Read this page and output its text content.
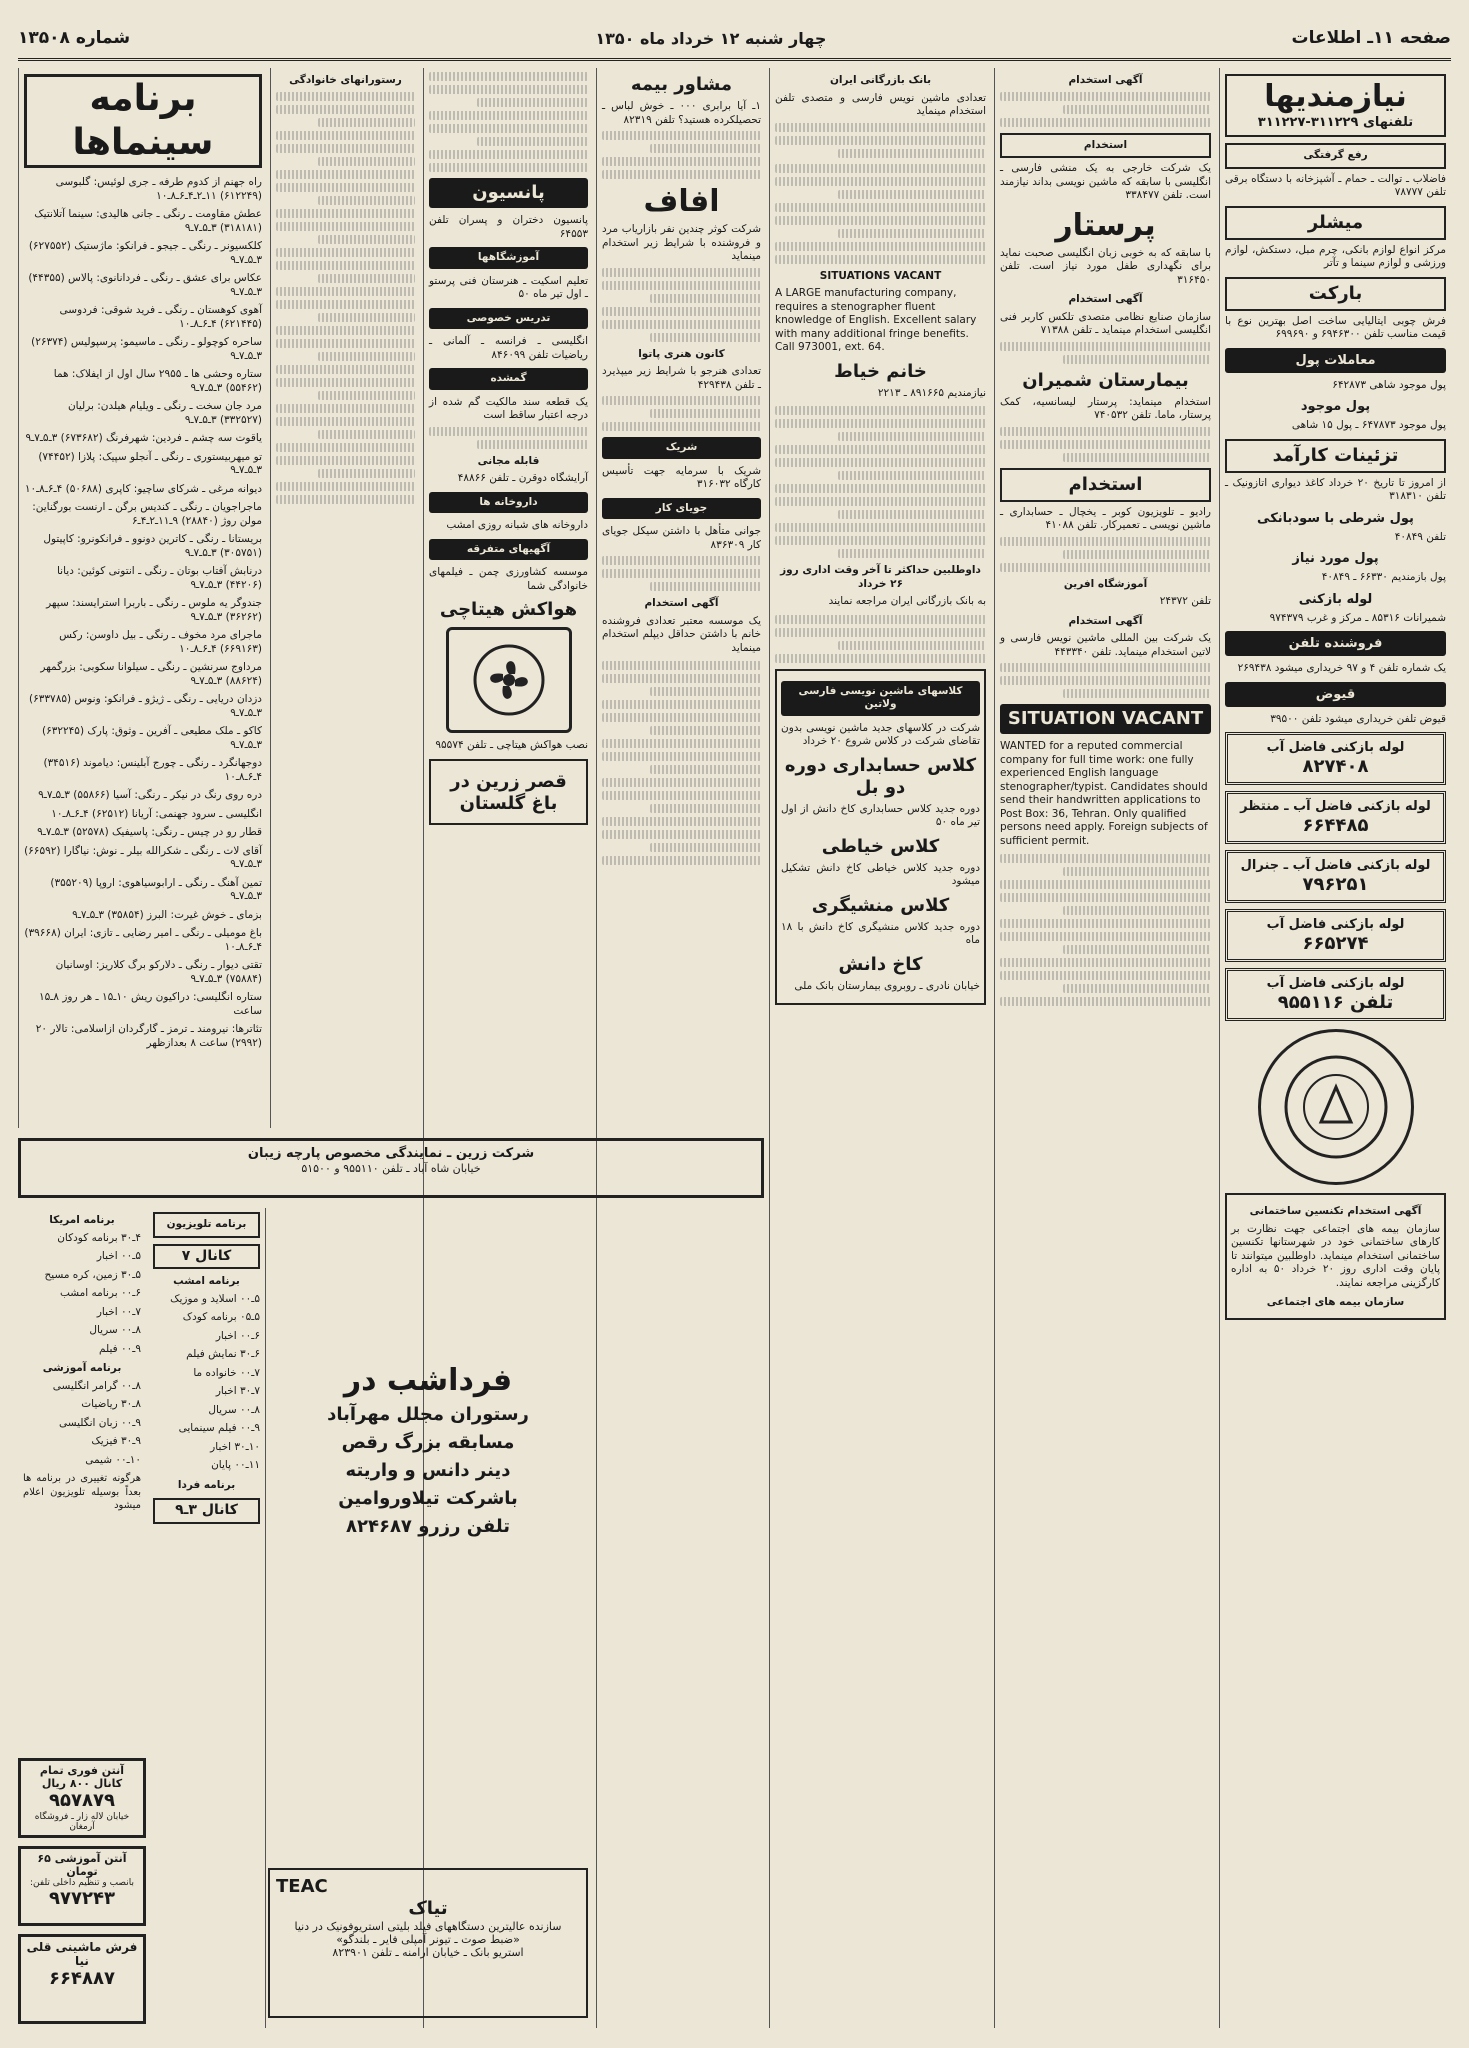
صفحه ۱۱ـ اطلاعات
چهار شنبه ۱۲ خرداد ماه ۱۳۵۰
شماره ۱۳۵۰۸
نیازمندیها
تلفنهای ۳۱۱۲۲۹-۳۱۱۲۲۷
رفع گرفتگی
فاضلاب ـ توالت ـ حمام ـ آشپزخانه با دستگاه برقی تلفن ۷۸۷۷۷
میشلر
مرکز انواع لوازم بانکی، چرم مبل، دستکش، لوازم ورزشی و لوازم سینما و تآتر
بارکت
فرش چوبی ایتالیایی ساخت اصل بهترین نوع با قیمت مناسب تلفن ۶۹۴۶۳۰۰ و ۶۹۹۶۹۰
معاملات پول
پول موجود شاهی ۶۴۲۸۷۳
پول موجود
پول موجود ۶۴۷۸۷۳ ـ پول ۱۵ شاهی
تزئینات کارآمد
از امروز تا تاریخ ۲۰ خرداد کاغذ دیواری اتازونیک ـ تلفن ۳۱۸۳۱۰
پول شرطی با سودبانکی
تلفن ۴۰۸۴۹
پول مورد نیاز
پول بازمندیم ۶۶۳۳۰ ـ ۴۰۸۴۹
لوله بازکنی
شمیرانات ۸۵۳۱۶ ـ مرکز و غرب ۹۷۴۳۷۹
فروشنده تلفن
یک شماره تلفن ۴ و ۹۷ خریداری میشود ۲۶۹۴۳۸
قیوض
قیوض تلفن خریداری میشود تلفن ۳۹۵۰۰
لوله بازکنی فاضل آب
۸۲۷۴۰۸
لوله بازکنی فاضل آب ـ منتظر
۶۶۴۴۸۵
لوله بازکنی فاضل آب ـ جنرال
۷۹۶۲۵۱
لوله بازکنی فاضل آب
۶۶۵۲۷۴
لوله بازکنی فاضل آب
تلفن ۹۵۵۱۱۶
آگهی استخدام تکنسین ساختمانی
سازمان بیمه های اجتماعی جهت نظارت بر کارهای ساختمانی خود در شهرستانها تکنسین ساختمانی استخدام مینماید. داوطلبین میتوانند تا پایان وقت اداری روز ۲۰ خرداد ۵۰ به اداره کارگزینی مراجعه نمایند.
سازمان بیمه های اجتماعی
آگهی استخدام
استخدام
یک شرکت خارجی به یک منشی فارسی ـ انگلیسی با سابقه که ماشین نویسی بداند نیازمند است. تلفن ۳۳۸۴۷۷
پرستار
با سابقه که به خوبی زبان انگلیسی صحبت نماید برای نگهداری طفل مورد نیاز است. تلفن ۳۱۶۴۵۰
آگهی استخدام
سازمان صنایع نظامی متصدی تلکس کاربر فنی انگلیسی استخدام مینماید ـ تلفن ۷۱۳۸۸
بیمارستان شمیران
استخدام مینماید: پرستار لیسانسیه، کمک پرستار، ماما. تلفن ۷۴۰۵۳۲
استخدام
رادیو ـ تلویزیون کوبر ـ یخچال ـ حسابداری ـ ماشین نویسی ـ تعمیرکار. تلفن ۴۱۰۸۸
آموزشگاه افرین
تلفن ۲۴۳۷۲
آگهی استخدام
یک شرکت بین المللی ماشین نویس فارسی و لاتین استخدام مینماید. تلفن ۴۴۳۳۴۰
SITUATION VACANT
WANTED for a reputed commercial company for full time work: one fully experienced English language stenographer/typist. Candidates should send their handwritten applications to Post Box: 36, Tehran. Only qualified persons need apply. Foreign subjects of sufficient permit.
بانک بازرگانی ایران
تعدادی ماشین نویس فارسی و متصدی تلفن استخدام مینماید
SITUATIONS VACANT
A LARGE manufacturing company, requires a stenographer fluent knowledge of English. Excellent salary with many additional fringe benefits. Call 973001, ext. 64.
خانم خیاط
نیازمندیم ۸۹۱۶۶۵ ـ ۲۲۱۳
داوطلبین حداکثر تا آخر وقت اداری روز ۲۶ خرداد
به بانک بازرگانی ایران مراجعه نمایند
کلاسهای ماشین نویسی فارسی ولاتین
شرکت در کلاسهای جدید ماشین نویسی بدون تقاضای شرکت در کلاس شروع ۲۰ خرداد
کلاس حسابداری دوره دو بل
دوره جدید کلاس حسابداری کاخ دانش از اول تیر ماه ۵۰
کلاس خیاطی
دوره جدید کلاس خیاطی کاخ دانش تشکیل میشود
کلاس منشیگری
دوره جدید کلاس منشیگری کاخ دانش با ۱۸ ماه
کاخ دانش
خیابان نادری ـ روبروی بیمارستان بانک ملی
مشاور بیمه
۱ـ آیا برابری ۰۰۰ ـ خوش لباس ـ تحصیلکرده هستید؟ تلفن ۸۲۳۱۹
افاف
شرکت کوثر چندین نفر بازاریاب مرد و فروشنده با شرایط زیر استخدام مینماید
کانون هنری پاتوا
تعدادی هنرجو با شرایط زیر میپذیرد ـ تلفن ۴۲۹۴۳۸
شریک
شریک با سرمایه جهت تأسیس کارگاه ۳۱۶۰۳۲
جویای کار
جوانی متأهل با داشتن سیکل جویای کار ۸۳۶۳۰۹
آگهی استخدام
یک موسسه معتبر تعدادی فروشنده خانم با داشتن حداقل دیپلم استخدام مینماید
پانسیون
پانسیون دختران و پسران تلفن ۶۴۵۵۳
آموزشگاهها
تعلیم اسکیت ـ هنرستان فنی پرستو ـ اول تیر ماه ۵۰
تدریس خصوصی
انگلیسی ـ فرانسه ـ آلمانی ـ ریاضیات تلفن ۸۴۶۰۹۹
گمشده
یک قطعه سند مالکیت گم شده از درجه اعتبار ساقط است
قابله مجانی
آرایشگاه دوقرن ـ تلفن ۴۸۸۶۶
داروخانه ها
داروخانه های شبانه روزی امشب
آگهیهای متفرقه
موسسه کشاورزی چمن ـ فیلمهای خانوادگی شما
هواکش هیتاچی
نصب هواکش هیتاچی ـ تلفن ۹۵۵۷۴
قصر زرین در باغ گلستان
رستورانهای خانوادگی
برنامه سینماها
راه جهنم از کدوم طرفه ـ جری لوئیس: گلبوسی (۶۱۲۲۴۹) ۱۱ـ۲ـ۴ـ۶ـ۸ـ۱۰
عطش مقاومت ـ رنگی ـ جانی هالیدی: سینما آتلانتیک (۳۱۸۱۸۱) ۳ـ۵ـ۷ـ۹
کلکسیونر ـ رنگی ـ جیجو ـ فرانکو: ماژستیک (۶۲۷۵۵۲) ۳ـ۵ـ۷ـ۹
عکاس برای عشق ـ رنگی ـ فردانانوی: پالاس (۴۴۳۵۵) ۳ـ۵ـ۷ـ۹
آهوی کوهستان ـ رنگی ـ فرید شوقی: فردوسی (۶۲۱۴۴۵) ۴ـ۶ـ۸ـ۱۰
ساحره کوچولو ـ رنگی ـ ماسیمو: پرسپولیس (۲۶۳۷۴) ۳ـ۵ـ۷ـ۹
ستاره وحشی ها ـ ۲۹۵۵ سال اول از ایفلاک: هما (۵۵۴۶۲) ۳ـ۵ـ۷ـ۹
مرد جان سخت ـ رنگی ـ ویلیام هیلدن: برلیان (۳۳۲۵۲۷) ۳ـ۵ـ۷ـ۹
یاقوت سه چشم ـ فردین: شهرفرنگ (۶۷۳۶۸۲) ۳ـ۵ـ۷ـ۹
تو میهربیستوری ـ رنگی ـ آنجلو سپیک: پلازا (۷۴۴۵۲) ۳ـ۵ـ۷ـ۹
دیوانه مرغی ـ شرکای ساچیو: کاپری (۵۰۶۸۸) ۴ـ۶ـ۸ـ۱۰
ماجراجویان ـ رنگی ـ کندیس برگن ـ ارنست بورگناین: مولن روژ (۲۸۸۴۰) ۹ـ۱۱ـ۲ـ۴ـ۶
بریستانا ـ رنگی ـ کاترین دونوو ـ فرانکونرو: کاپیتول (۳۰۵۷۵۱) ۳ـ۵ـ۷ـ۹
درنابش آفتاب بوتان ـ رنگی ـ انتونی کوئین: دیانا (۴۴۲۰۶) ۳ـ۵ـ۷ـ۹
جندوگر یه ملوس ـ رنگی ـ باربرا استرایسند: سپهر (۳۶۲۶۲) ۳ـ۵ـ۷ـ۹
ماجرای مرد مخوف ـ رنگی ـ بیل داوسن: رکس (۶۶۹۱۶۳) ۴ـ۶ـ۸ـ۱۰
مرداوج سرنشین ـ رنگی ـ سیلوانا سکوبی: بزرگمهر (۸۸۶۲۴) ۳ـ۵ـ۷ـ۹
دزدان دریایی ـ رنگی ـ ژیژو ـ فرانکو: ونوس (۶۳۳۷۸۵) ۳ـ۵ـ۷ـ۹
کاکو ـ ملک مطیعی ـ آفرین ـ وثوق: پارک (۶۳۲۲۴۵) ۳ـ۵ـ۷ـ۹
دوجهانگرد ـ رنگی ـ چورج آبلینس: دیاموند (۳۴۵۱۶) ۴ـ۶ـ۸ـ۱۰
دره روی رنگ در نیکر ـ رنگی: آسیا (۵۵۸۶۶) ۳ـ۵ـ۷ـ۹
انگلیسی ـ سرود جهنمی: آریانا (۶۲۵۱۲) ۴ـ۶ـ۸ـ۱۰
قطار رو در چیس ـ رنگی: پاسیفیک (۵۲۵۷۸) ۳ـ۵ـ۷ـ۹
آقای لات ـ رنگی ـ شکرالله بیلر ـ نوش: نیاگارا (۶۶۵۹۲) ۳ـ۵ـ۷ـ۹
تمین آهنگ ـ رنگی ـ ارابوسیاهوی: اروپا (۳۵۵۲۰۹) ۳ـ۵ـ۷ـ۹
بزمای ـ خوش غیرت: البرز (۳۵۸۵۴) ۳ـ۵ـ۷ـ۹
باغ مومیلی ـ رنگی ـ امیر رضایی ـ تازی: ایران (۳۹۶۶۸) ۴ـ۶ـ۸ـ۱۰
تقتی دیوار ـ رنگی ـ دلارکو برگ کلاریز: اوسانیان (۷۵۸۸۴) ۳ـ۵ـ۷ـ۹
ستاره انگلیسی: دراکیون ریش ۱۰ـ۱۵ ـ هر روز ۸ـ۱۵ ساعت
تئاترها: نیرومند ـ ترمز ـ گارگردان ازاسلامی: تالار ۲۰ (۲۹۹۲) ساعت ۸ بعدازظهر
شرکت زرین ـ نمایندگی مخصوص پارچه زیبان
خیابان شاه آباد ـ تلفن ۹۵۵۱۱۰ و ۵۱۵۰۰
فرداشب در
رستوران مجلل مهرآباد
مسابقه بزرگ رقص
دینر دانس و واریته
باشرکت تیلاوروامین
تلفن رزرو ۸۲۴۶۸۷
TEAC
تیاک
سازنده عالیترین دستگاههای فیلد بلیتی استریوفونیک در دنیا
«ضبط صوت ـ تیونر آمپلی فایر ـ بلندگو»
استریو بانک ـ خیابان ارامنه ـ تلفن ۸۲۳۹۰۱
برنامه تلویزیون
کانال ۷
برنامه امشب
۵ـ۰۰ اسلاید و موزیک
۵ـ۰۵ برنامه کودک
۶ـ۰۰ اخبار
۶ـ۳۰ نمایش فیلم
۷ـ۰۰ خانواده ما
۷ـ۳۰ اخبار
۸ـ۰۰ سریال
۹ـ۰۰ فیلم سینمایی
۱۰ـ۳۰ اخبار
۱۱ـ۰۰ پایان
برنامه فردا
کانال ۳ـ۹
برنامه امریکا
۴ـ۳۰ برنامه کودکان
۵ـ۰۰ اخبار
۵ـ۳۰ زمین، کره مسیح
۶ـ۰۰ برنامه امشب
۷ـ۰۰ اخبار
۸ـ۰۰ سریال
۹ـ۰۰ فیلم
برنامه آموزشی
۸ـ۰۰ گرامر انگلیسی
۸ـ۳۰ ریاضیات
۹ـ۰۰ زبان انگلیسی
۹ـ۳۰ فیزیک
۱۰ـ۰۰ شیمی
هرگونه تغییری در برنامه ها بعداً بوسیله تلویزیون اعلام میشود
آنتن فوری تمام کانال ۸۰۰ ریال
۹۵۷۸۷۹
خیابان لاله زار ـ فروشگاه آرمغان
آنتن آموزشی ۶۵ تومان
بانصب و تنظیم داخلی تلفن:
۹۷۷۲۴۳
فرش ماشینی قلی نیا
۶۶۴۸۸۷
